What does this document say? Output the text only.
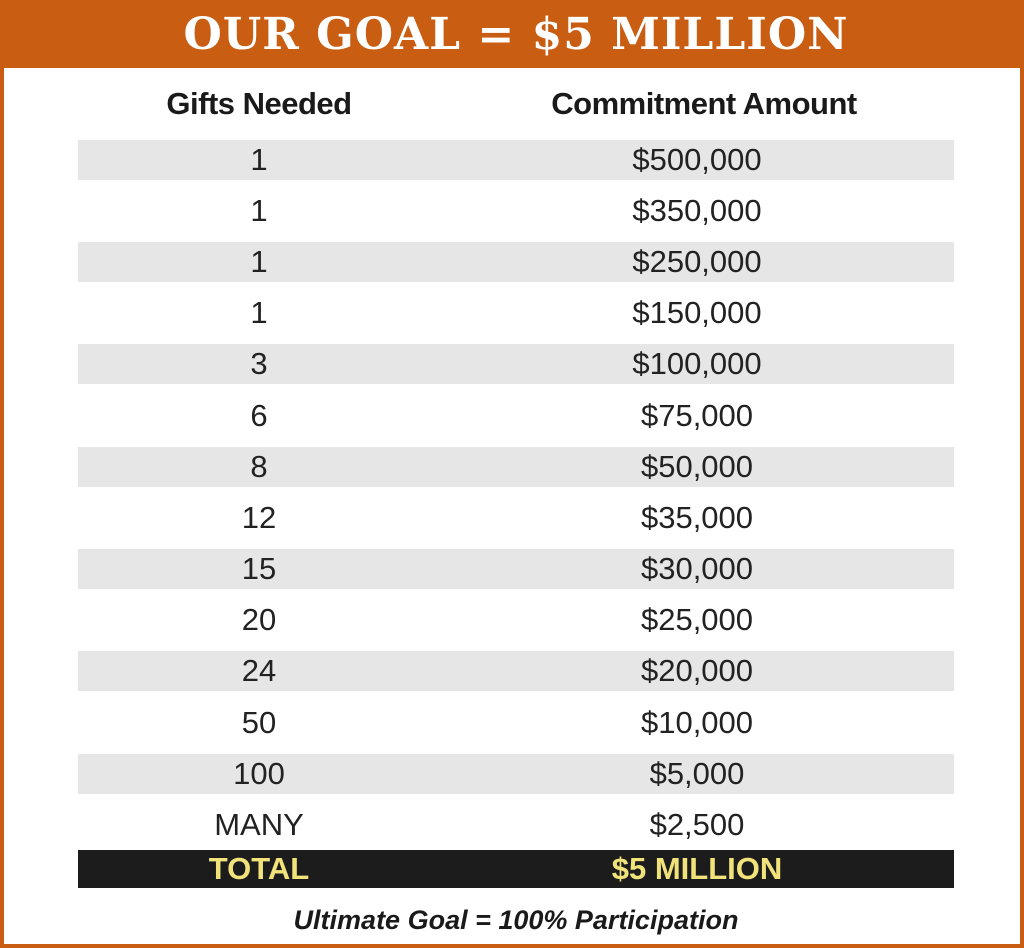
OUR GOAL = $5 MILLION
Gifts Needed	Commitment Amount
1	$500,000
1	$350,000
1	$250,000
1	$150,000
3	$100,000
6	$75,000
8	$50,000
12	$35,000
15	$30,000
20	$25,000
24	$20,000
50	$10,000
100	$5,000
MANY	$2,500
TOTAL	$5 MILLION
Ultimate Goal = 100% Participation
